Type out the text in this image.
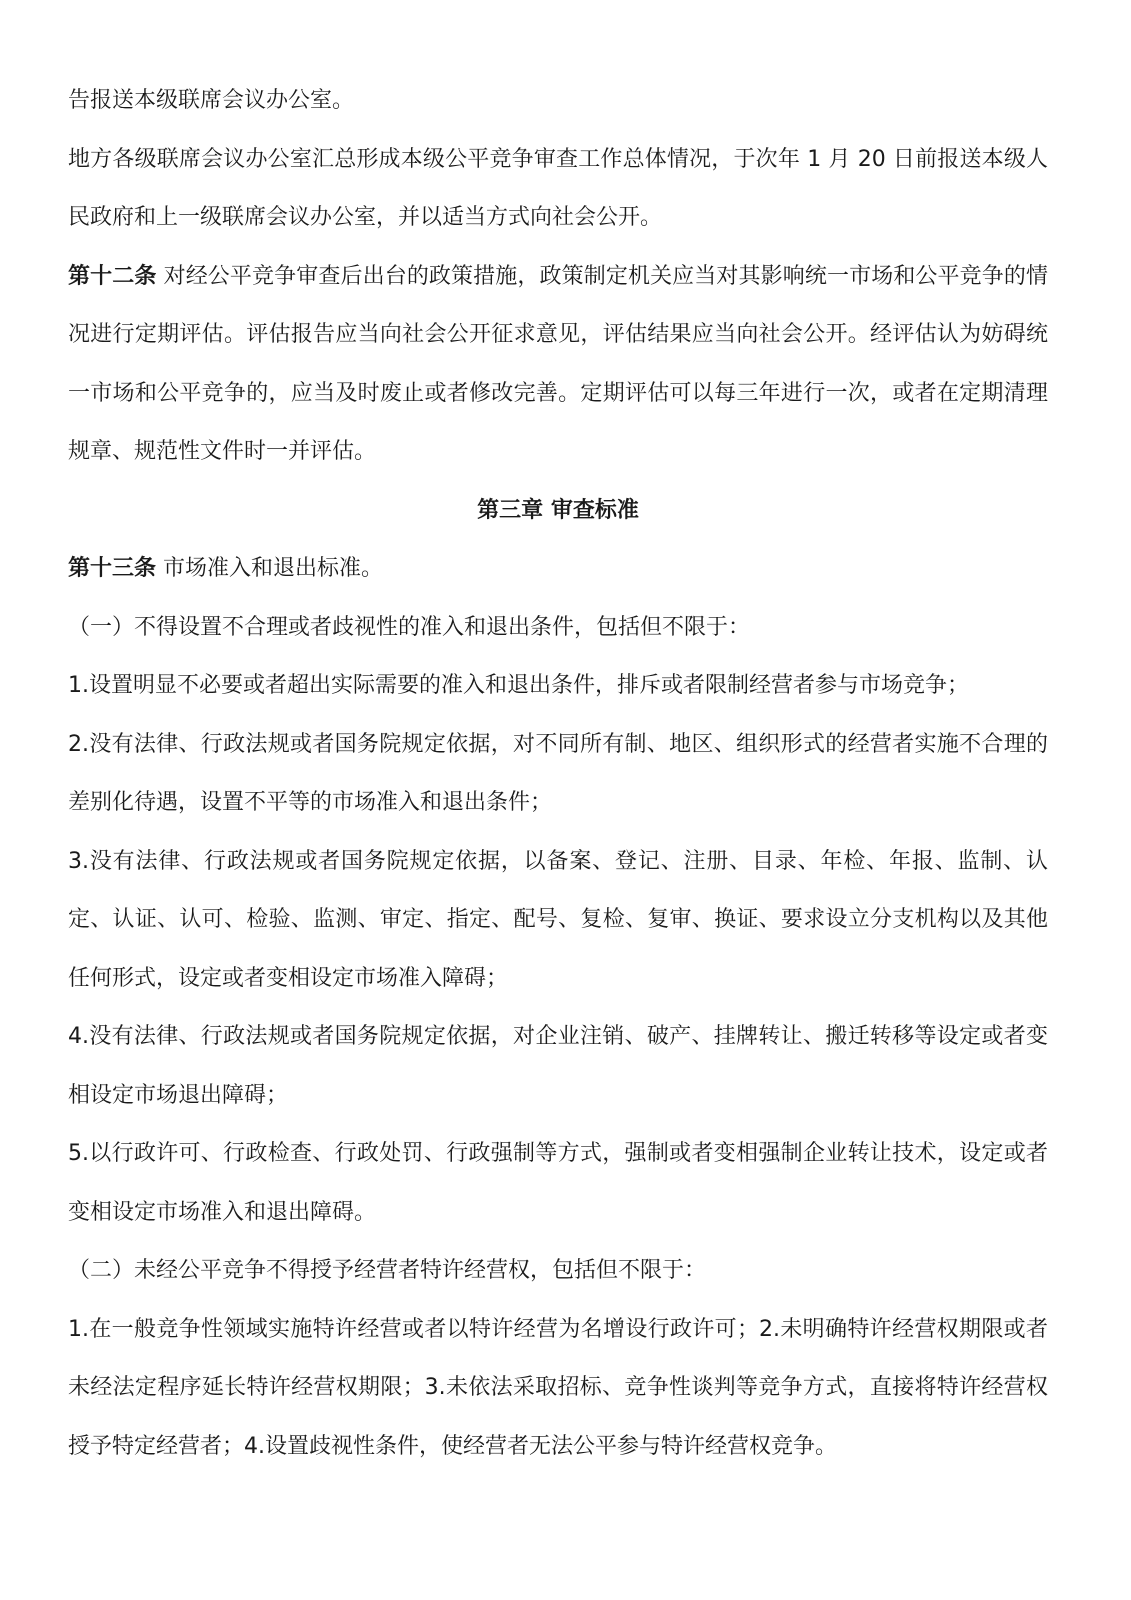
告报送本级联席会议办公室。

地方各级联席会议办公室汇总形成本级公平竞争审查工作总体情况，于次年 1 月 20 日前报送本级人民政府和上一级联席会议办公室，并以适当方式向社会公开。

第十二条 对经公平竞争审查后出台的政策措施，政策制定机关应当对其影响统一市场和公平竞争的情况进行定期评估。评估报告应当向社会公开征求意见，评估结果应当向社会公开。经评估认为妨碍统一市场和公平竞争的，应当及时废止或者修改完善。定期评估可以每三年进行一次，或者在定期清理规章、规范性文件时一并评估。

第三章 审查标准

第十三条 市场准入和退出标准。

（一）不得设置不合理或者歧视性的准入和退出条件，包括但不限于：

1.设置明显不必要或者超出实际需要的准入和退出条件，排斥或者限制经营者参与市场竞争；

2.没有法律、行政法规或者国务院规定依据，对不同所有制、地区、组织形式的经营者实施不合理的差别化待遇，设置不平等的市场准入和退出条件；

3.没有法律、行政法规或者国务院规定依据，以备案、登记、注册、目录、年检、年报、监制、认定、认证、认可、检验、监测、审定、指定、配号、复检、复审、换证、要求设立分支机构以及其他任何形式，设定或者变相设定市场准入障碍；

4.没有法律、行政法规或者国务院规定依据，对企业注销、破产、挂牌转让、搬迁转移等设定或者变相设定市场退出障碍；

5.以行政许可、行政检查、行政处罚、行政强制等方式，强制或者变相强制企业转让技术，设定或者变相设定市场准入和退出障碍。

（二）未经公平竞争不得授予经营者特许经营权，包括但不限于：

1.在一般竞争性领域实施特许经营或者以特许经营为名增设行政许可；2.未明确特许经营权期限或者未经法定程序延长特许经营权期限；3.未依法采取招标、竞争性谈判等竞争方式，直接将特许经营权授予特定经营者；4.设置歧视性条件，使经营者无法公平参与特许经营权竞争。
